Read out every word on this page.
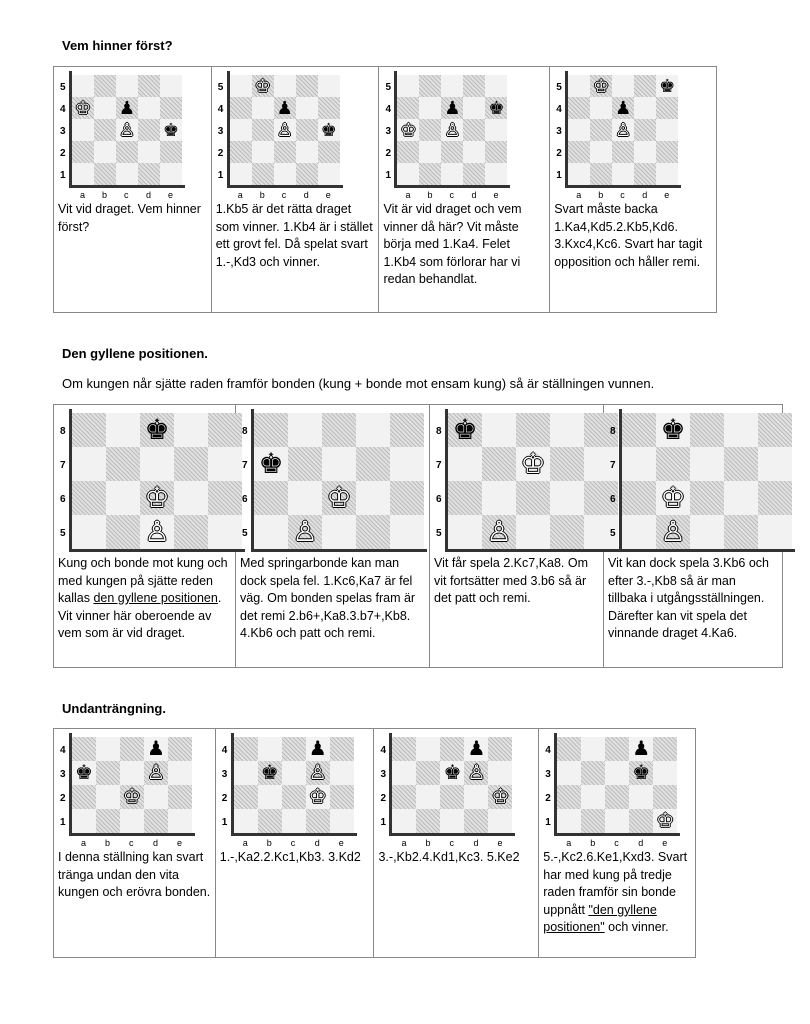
Vem hinner först?
5
4
3
2
1
a b c d e
♔ ♟
♙ ♚
Vit vid draget. Vem hinner först?

5
4
3
2
1
a b c d e
♔
♟
♙ ♚
1.Kb5 är det rätta draget som vinner. 1.Kb4 är i stället ett grovt fel. Då spelat svart 1.-,Kd3 och vinner.

5
4
3
2
1
a b c d e
♟ ♚
♔ ♙
Vit är vid draget och vem vinner då här? Vit måste börja med 1.Ka4. Felet 1.Kb4 som förlorar har vi redan behandlat.

5
4
3
2
1
a b c d e
♔	♚
♟
♙
Svart måste backa 1.Ka4,Kd5.2.Kb5,Kd6. 3.Kxc4,Kc6. Svart har tagit opposition och håller remi.
Den gyllene positionen.
Om kungen når sjätte raden framför bonden (kung + bonde mot ensam kung) så är ställningen vunnen.
8
7
6
5
♚
♔
♙
Kung och bonde mot kung och med kungen på sjätte reden kallas den gyllene positionen. Vit vinner här oberoende av vem som är vid draget.

8
7
6
5
♚
♔
♙
Med springarbonde kan man dock spela fel. 1.Kc6,Ka7 är fel väg. Om bonden spelas fram är det remi 2.b6+,Ka8.3.b7+,Kb8. 4.Kb6 och patt och remi.

8
7
6
5
♚
♔
♙
Vit får spela 2.Kc7,Ka8. Om vit fortsätter med 3.b6 så är det patt och remi.

8
7
6
5
♚
♔
♙
Vit kan dock spela 3.Kb6 och efter 3.-,Kb8 så är man tillbaka i utgångsställningen. Därefter kan vit spela det vinnande draget 4.Ka6.
Undanträngning.
4
3
2
1
a b c d e
♟
♚	♙
♔
I denna ställning kan svart tränga undan den vita kungen och erövra bonden.

4
3
2
1
a b c d e
♟
♚ ♙
♔
1.-,Ka2.2.Kc1,Kb3. 3.Kd2

4
3
2
1
a b c d e
♟
♚ ♙
♔
3.-,Kb2.4.Kd1,Kc3. 5.Ke2

4
3
2
1
a b c d e
♟
♚
♔
5.-,Kc2.6.Ke1,Kxd3. Svart har med kung på tredje raden framför sin bonde uppnått "den gyllene positionen" och vinner.
